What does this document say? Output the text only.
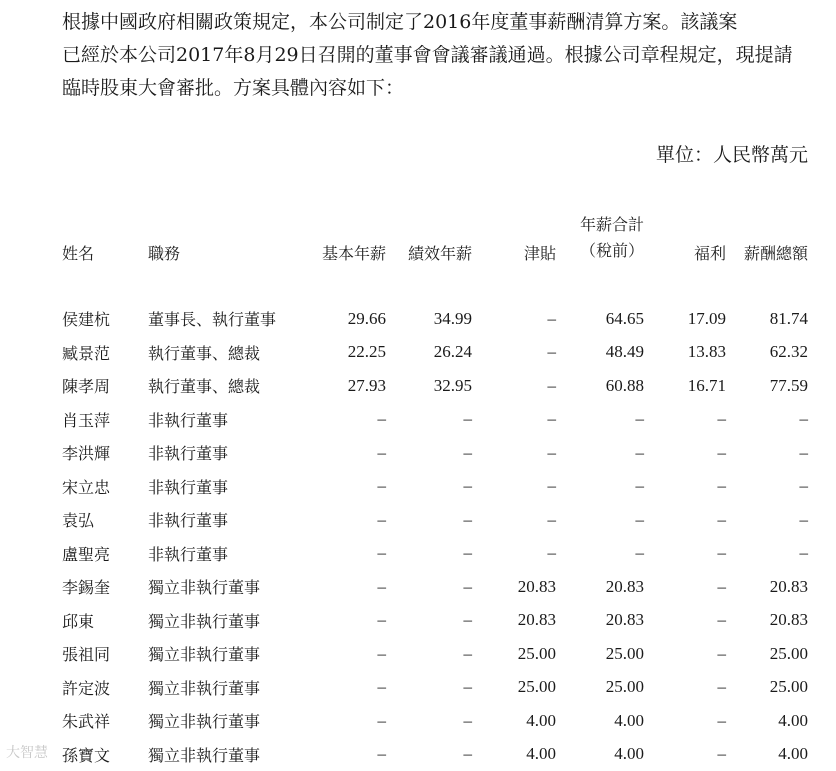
根據中國政府相關政策規定，本公司制定了2016年度董事薪酬清算方案。該議案
已經於本公司2017年8月29日召開的董事會會議審議通過。根據公司章程規定，現提請
臨時股東大會審批。方案具體內容如下：
單位：人民幣萬元
姓名	職務	基本年薪	績效年薪	津貼	年薪合計
（稅前）	福利	薪酬總額

侯建杭	董事長、執行董事	29.66	34.99	–	64.65	17.09	81.74
臧景范	執行董事、總裁	22.25	26.24	–	48.49	13.83	62.32
陳孝周	執行董事、總裁	27.93	32.95	–	60.88	16.71	77.59
肖玉萍	非執行董事	–	–	–	–	–	–
李洪輝	非執行董事	–	–	–	–	–	–
宋立忠	非執行董事	–	–	–	–	–	–
袁弘	非執行董事	–	–	–	–	–	–
盧聖亮	非執行董事	–	–	–	–	–	–
李錫奎	獨立非執行董事	–	–	20.83	20.83	–	20.83
邱東	獨立非執行董事	–	–	20.83	20.83	–	20.83
張祖同	獨立非執行董事	–	–	25.00	25.00	–	25.00
許定波	獨立非執行董事	–	–	25.00	25.00	–	25.00
朱武祥	獨立非執行董事	–	–	4.00	4.00	–	4.00
孫寶文	獨立非執行董事	–	–	4.00	4.00	–	4.00
大智慧
